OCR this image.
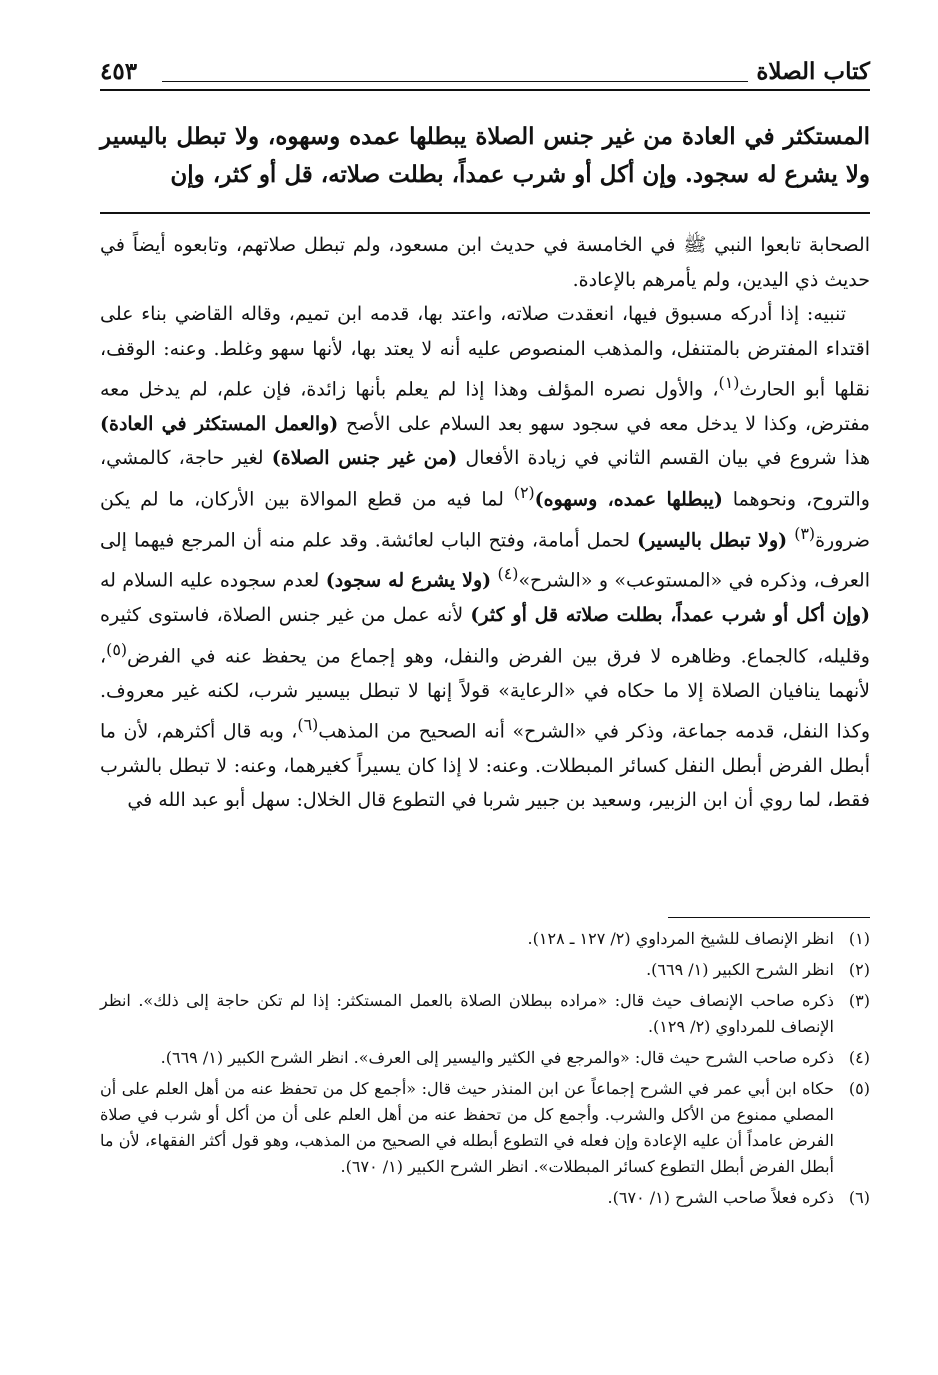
كتاب الصلاة
٤٥٣
المستكثر في العادة من غير جنس الصلاة يبطلها عمده وسهوه، ولا تبطل باليسير ولا يشرع له سجود. وإن أكل أو شرب عمداً، بطلت صلاته، قل أو كثر، وإن

الصحابة تابعوا النبي ﷺ في الخامسة في حديث ابن مسعود، ولم تبطل صلاتهم، وتابعوه أيضاً في حديث ذي اليدين، ولم يأمرهم بالإعادة.

تنبيه: إذا أدركه مسبوق فيها، انعقدت صلاته، واعتد بها، قدمه ابن تميم، وقاله القاضي بناء على اقتداء المفترض بالمتنفل، والمذهب المنصوص عليه أنه لا يعتد بها، لأنها سهو وغلط. وعنه: الوقف، نقلها أبو الحارث$^{(١)}$، والأول نصره المؤلف وهذا إذا لم يعلم بأنها زائدة، فإن علم، لم يدخل معه مفترض، وكذا لا يدخل معه في سجود سهو بعد السلام على الأصح (والعمل المستكثر في العادة) هذا شروع في بيان القسم الثاني في زيادة الأفعال (من غير جنس الصلاة) لغير حاجة، كالمشي، والتروح، ونحوهما (يبطلها عمده، وسهوه)$^{(٢)}$ لما فيه من قطع الموالاة بين الأركان، ما لم يكن ضرورة$^{(٣)}$ (ولا تبطل باليسير) لحمل أمامة، وفتح الباب لعائشة. وقد علم منه أن المرجع فيهما إلى العرف، وذكره في «المستوعب» و «الشرح»$^{(٤)}$ (ولا يشرع له سجود) لعدم سجوده عليه السلام له (وإن أكل أو شرب عمداً، بطلت صلاته قل أو كثر) لأنه عمل من غير جنس الصلاة، فاستوى كثيره وقليله، كالجماع. وظاهره لا فرق بين الفرض والنفل، وهو إجماع من يحفظ عنه في الفرض$^{(٥)}$، لأنهما ينافيان الصلاة إلا ما حكاه في «الرعاية» قولاً إنها لا تبطل بيسير شرب، لكنه غير معروف. وكذا النفل، قدمه جماعة، وذكر في «الشرح» أنه الصحيح من المذهب$^{(٦)}$، وبه قال أكثرهم، لأن ما أبطل الفرض أبطل النفل كسائر المبطلات. وعنه: لا إذا كان يسيراً كغيرهما، وعنه: لا تبطل بالشرب فقط، لما روي أن ابن الزبير، وسعيد بن جبير شربا في التطوع قال الخلال: سهل أبو عبد الله في

(١)
انظر الإنصاف للشيخ المرداوي (٢/ ١٢٧ ـ ١٢٨).
(٢)
انظر الشرح الكبير (١/ ٦٦٩).
(٣)
ذكره صاحب الإنصاف حيث قال: «مراده ببطلان الصلاة بالعمل المستكثر: إذا لم تكن حاجة إلى ذلك». انظر الإنصاف للمرداوي (٢/ ١٢٩).
(٤)
ذكره صاحب الشرح حيث قال: «والمرجع في الكثير واليسير إلى العرف». انظر الشرح الكبير (١/ ٦٦٩).
(٥)
حكاه ابن أبي عمر في الشرح إجماعاً عن ابن المنذر حيث قال: «أجمع كل من تحفظ عنه من أهل العلم على أن المصلي ممنوع من الأكل والشرب. وأجمع كل من تحفظ عنه من أهل العلم على أن من أكل أو شرب في صلاة الفرض عامداً أن عليه الإعادة وإن فعله في التطوع أبطله في الصحيح من المذهب، وهو قول أكثر الفقهاء، لأن ما أبطل الفرض أبطل التطوع كسائر المبطلات». انظر الشرح الكبير (١/ ٦٧٠).
(٦)
ذكره فعلاً صاحب الشرح (١/ ٦٧٠).
